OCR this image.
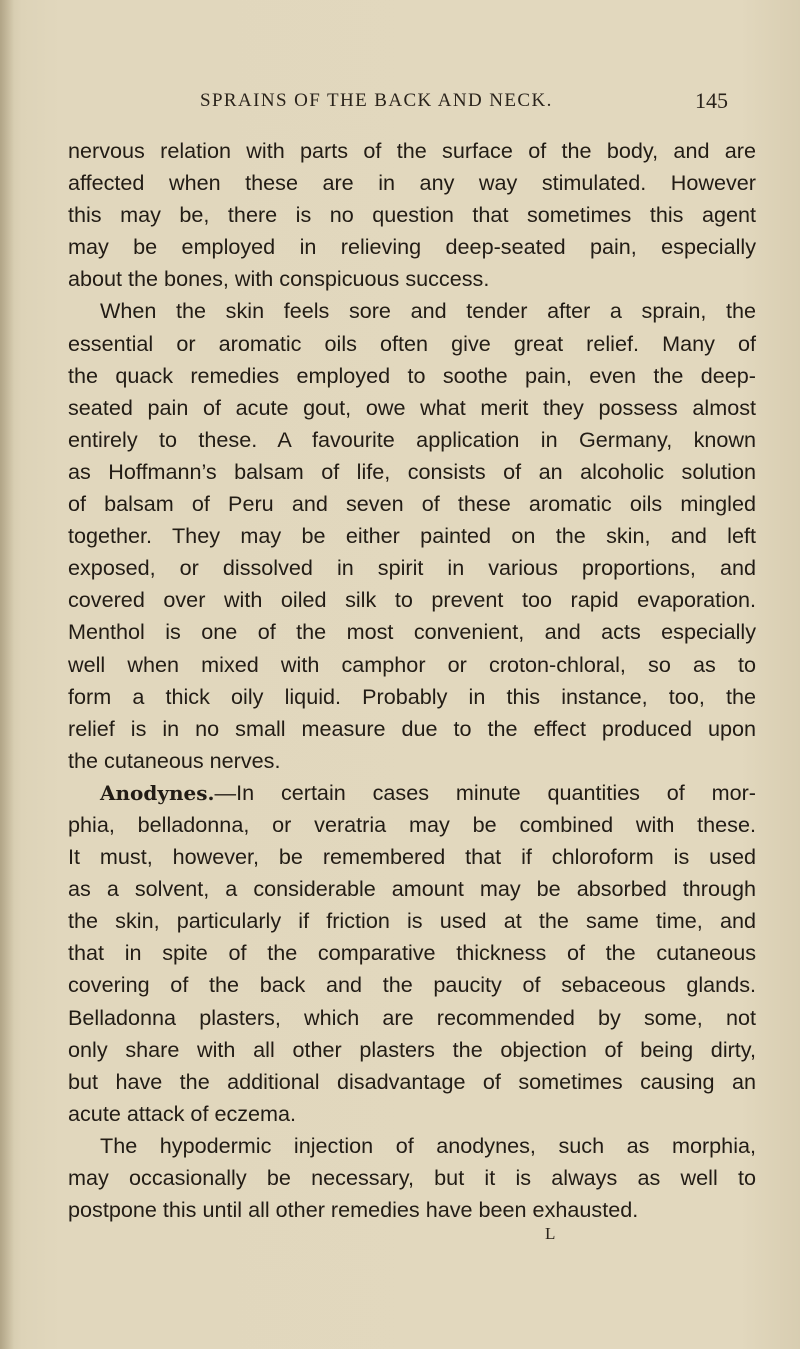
SPRAINS OF THE BACK AND NECK.	145
nervous relation with parts of the surface of the body, and are
affected when these are in any way stimulated. However
this may be, there is no question that sometimes this agent
may be employed in relieving deep-seated pain, especially
about the bones, with conspicuous success.
When the skin feels sore and tender after a sprain, the
essential or aromatic oils often give great relief. Many of
the quack remedies employed to soothe pain, even the deep-
seated pain of acute gout, owe what merit they possess almost
entirely to these. A favourite application in Germany, known
as Hoffmann’s balsam of life, consists of an alcoholic solution
of balsam of Peru and seven of these aromatic oils mingled
together. They may be either painted on the skin, and left
exposed, or dissolved in spirit in various proportions, and
covered over with oiled silk to prevent too rapid evaporation.
Menthol is one of the most convenient, and acts especially
well when mixed with camphor or croton-chloral, so as to
form a thick oily liquid. Probably in this instance, too, the
relief is in no small measure due to the effect produced upon
the cutaneous nerves.
Anodynes.—In certain cases minute quantities of mor-
phia, belladonna, or veratria may be combined with these.
It must, however, be remembered that if chloroform is used
as a solvent, a considerable amount may be absorbed through
the skin, particularly if friction is used at the same time, and
that in spite of the comparative thickness of the cutaneous
covering of the back and the paucity of sebaceous glands.
Belladonna plasters, which are recommended by some, not
only share with all other plasters the objection of being dirty,
but have the additional disadvantage of sometimes causing an
acute attack of eczema.
The hypodermic injection of anodynes, such as morphia,
may occasionally be necessary, but it is always as well to
postpone this until all other remedies have been exhausted.
L
